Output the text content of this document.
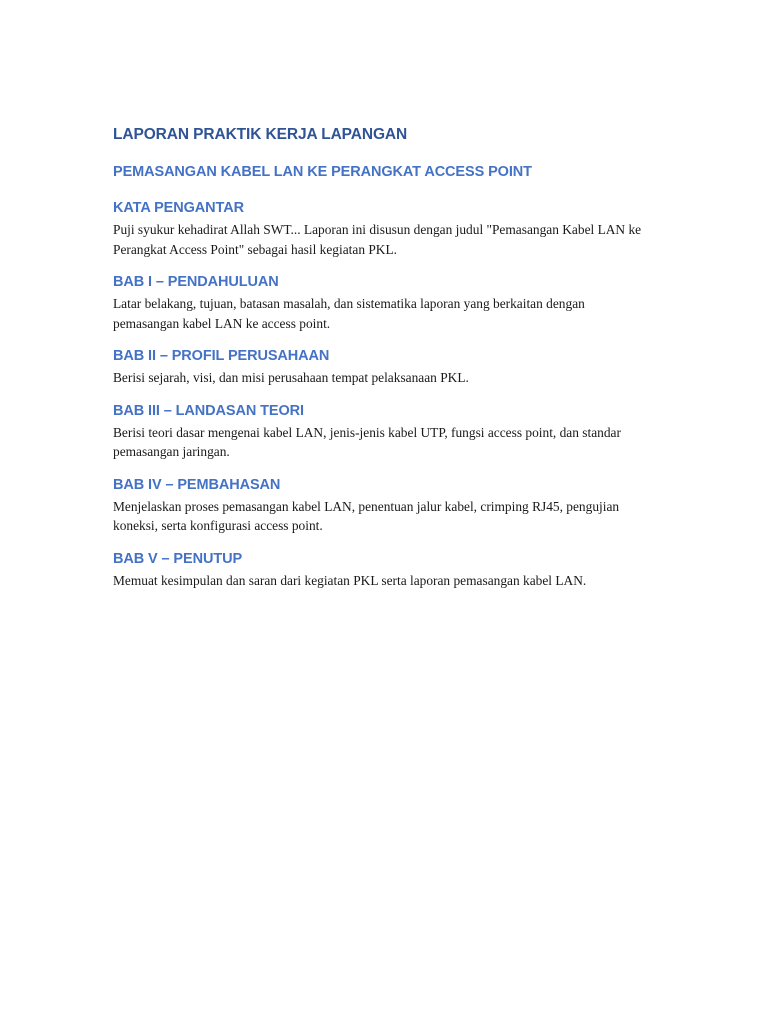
LAPORAN PRAKTIK KERJA LAPANGAN
PEMASANGAN KABEL LAN KE PERANGKAT ACCESS POINT
KATA PENGANTAR

Puji syukur kehadirat Allah SWT... Laporan ini disusun dengan judul "Pemasangan Kabel LAN ke Perangkat Access Point" sebagai hasil kegiatan PKL.

BAB I – PENDAHULUAN

Latar belakang, tujuan, batasan masalah, dan sistematika laporan yang berkaitan dengan pemasangan kabel LAN ke access point.

BAB II – PROFIL PERUSAHAAN

Berisi sejarah, visi, dan misi perusahaan tempat pelaksanaan PKL.

BAB III – LANDASAN TEORI

Berisi teori dasar mengenai kabel LAN, jenis-jenis kabel UTP, fungsi access point, dan standar pemasangan jaringan.

BAB IV – PEMBAHASAN

Menjelaskan proses pemasangan kabel LAN, penentuan jalur kabel, crimping RJ45, pengujian koneksi, serta konfigurasi access point.

BAB V – PENUTUP

Memuat kesimpulan dan saran dari kegiatan PKL serta laporan pemasangan kabel LAN.
